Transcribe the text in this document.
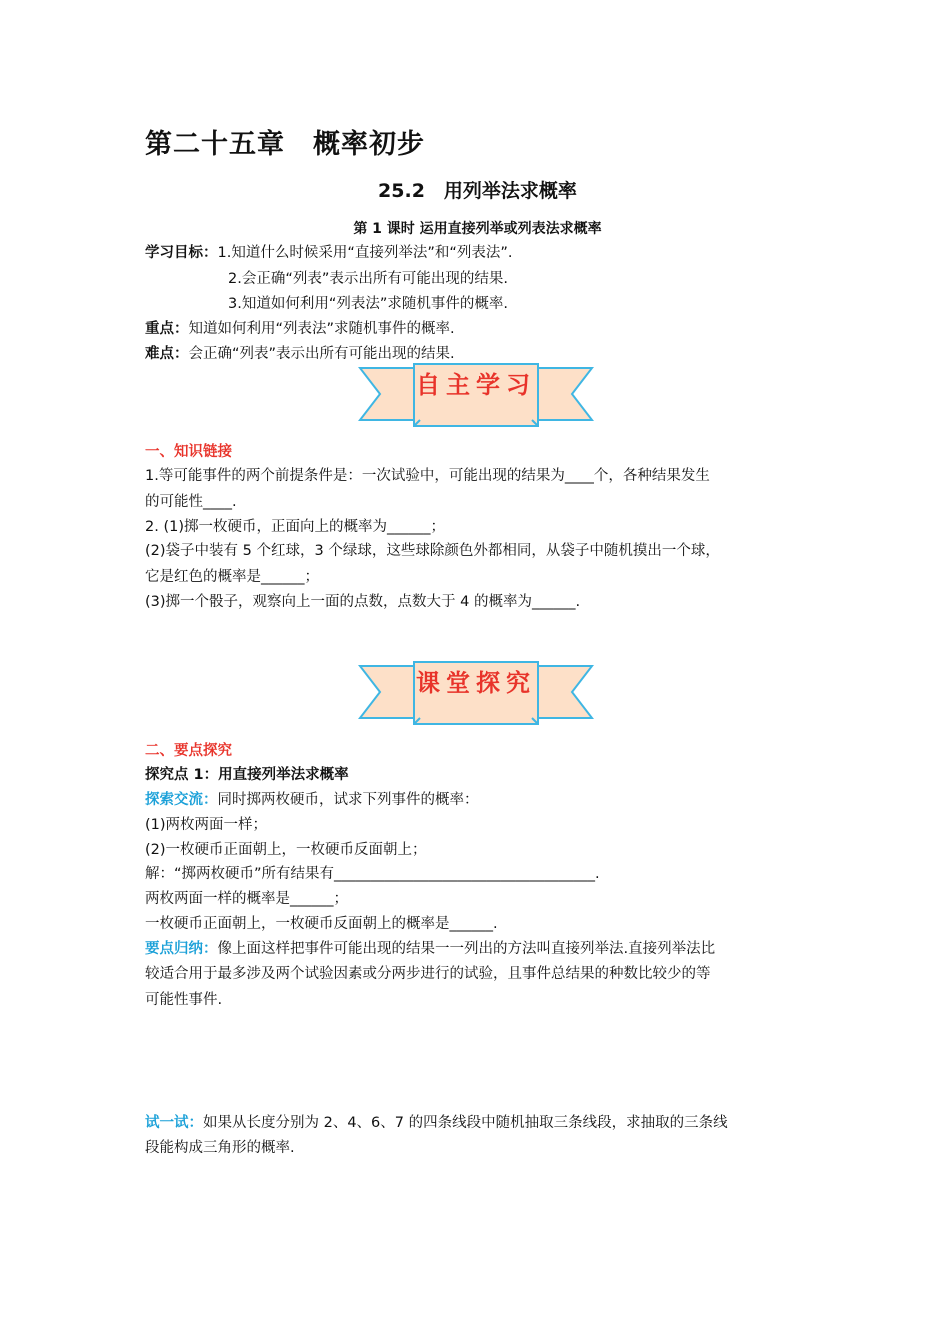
第二十五章　概率初步
25.2　用列举法求概率
第 1 课时 运用直接列举或列表法求概率
学习目标：1.知道什么时候采用“直接列举法”和“列表法”.
2.会正确“列表”表示出所有可能出现的结果.
3.知道如何利用“列表法”求随机事件的概率.
重点：知道如何利用“列表法”求随机事件的概率.
难点：会正确“列表”表示出所有可能出现的结果.
自主学习
一、知识链接
1.等可能事件的两个前提条件是：一次试验中，可能出现的结果为____个，各种结果发生
的可能性____.
2. (1)掷一枚硬币，正面向上的概率为______；
(2)袋子中装有 5 个红球，3 个绿球，这些球除颜色外都相同，从袋子中随机摸出一个球，
它是红色的概率是______；
(3)掷一个骰子，观察向上一面的点数，点数大于 4 的概率为______.
课堂探究
二、要点探究
探究点 1：用直接列举法求概率
探索交流：同时掷两枚硬币，试求下列事件的概率：
(1)两枚两面一样；
(2)一枚硬币正面朝上，一枚硬币反面朝上；
解：“掷两枚硬币”所有结果有____________________________________.
两枚两面一样的概率是______；
一枚硬币正面朝上，一枚硬币反面朝上的概率是______.
要点归纳：像上面这样把事件可能出现的结果一一列出的方法叫直接列举法.直接列举法比
较适合用于最多涉及两个试验因素或分两步进行的试验，且事件总结果的种数比较少的等
可能性事件.
试一试：如果从长度分别为 2、4、6、7 的四条线段中随机抽取三条线段，求抽取的三条线
段能构成三角形的概率.
